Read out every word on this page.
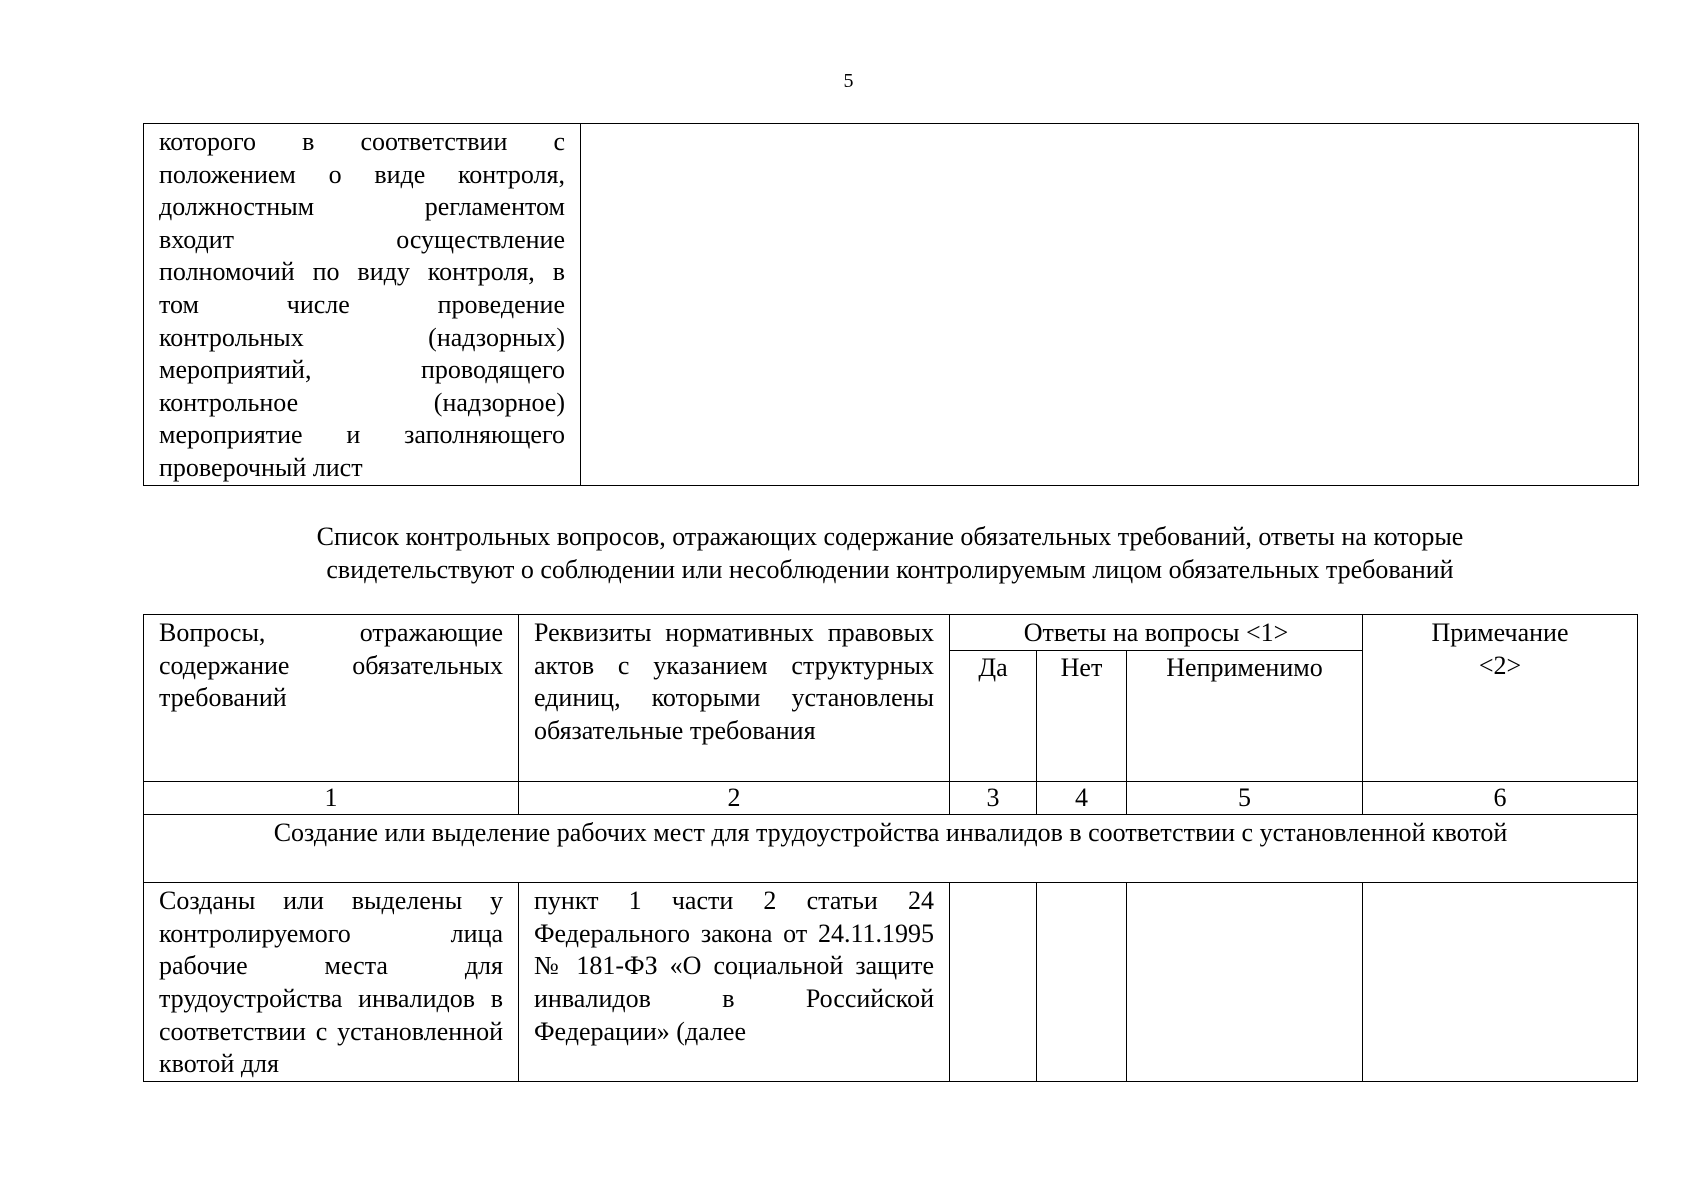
5
которого в соответствии с
положением о виде контроля,
должностным регламентом
входит осуществление
полномочий по виду контроля, в
том числе проведение
контрольных (надзорных)
мероприятий, проводящего
контрольное (надзорное)
мероприятие и заполняющего
проверочный лист

Список контрольных вопросов, отражающих содержание обязательных требований, ответы на которые
свидетельствуют о соблюдении или несоблюдении контролируемым лицом обязательных требований
Вопросы, отражающие содержание обязательных требований	Реквизиты нормативных правовых актов с указанием структурных единиц, которыми установлены обязательные требования	Ответы на вопросы <1>			Примечание <2>
		Да	Нет	Неприменимо	
1	2	3	4	5	6
Создание или выделение рабочих мест для трудоустройства инвалидов в соответствии с установленной квотой					
Созданы или выделены у контролируемого лица рабочие места для трудоустройства инвалидов в соответствии с установленной квотой для	пункт 1 части 2 статьи 24 Федерального закона от 24.11.1995 № 181-ФЗ «О социальной защите инвалидов в Российской Федерации» (далее				
